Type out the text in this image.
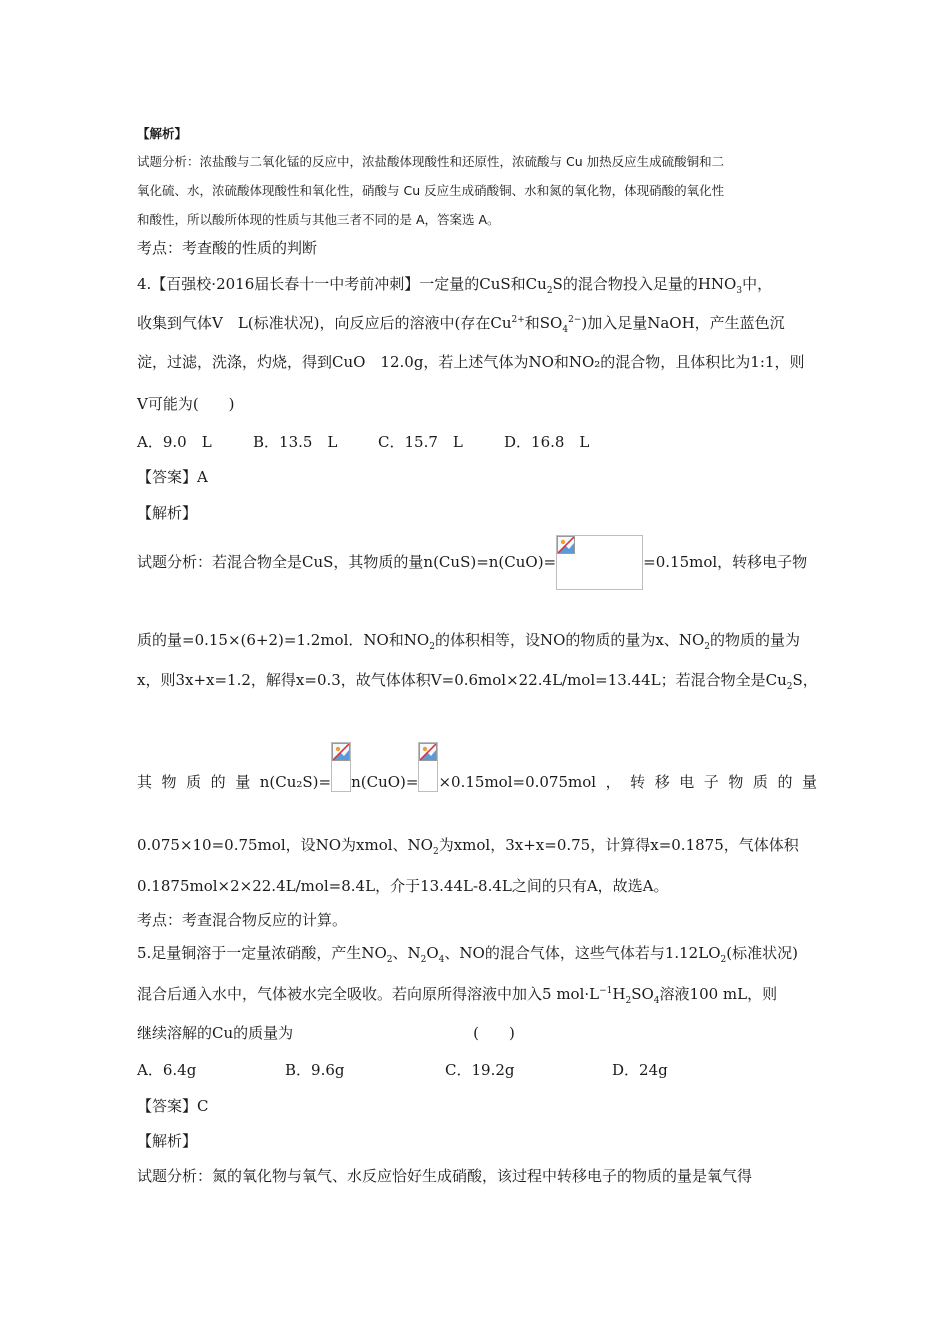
【解析】
试题分析：浓盐酸与二氧化锰的反应中，浓盐酸体现酸性和还原性，浓硫酸与 Cu 加热反应生成硫酸铜和二
氧化硫、水，浓硫酸体现酸性和氧化性，硝酸与 Cu 反应生成硝酸铜、水和氮的氧化物，体现硝酸的氧化性
和酸性，所以酸所体现的性质与其他三者不同的是 A，答案选 A。
考点：考查酸的性质的判断
4.【百强校·2016届长春十一中考前冲刺】一定量的CuS和$Cu_2S$的混合物投入足量的$HNO_3$中，
收集到气体V　L(标准状况)，向反应后的溶液中(存在$Cu^{2+}$和$SO_4^{2-}$)加入足量NaOH，产生蓝色沉
淀，过滤，洗涤，灼烧，得到CuO　12.0g，若上述气体为NO和NO₂的混合物，且体积比为1:1，则
V可能为(　　)
A．9.0　L	B．13.5　L	C．15.7　L	D．16.8　L
【答案】A
【解析】
试题分析：若混合物全是CuS，其物质的量n(CuS)=n(CuO)=	=0.15mol，转移电子物
质的量=0.15×(6+2)=1.2mol．NO和$NO_2$的体积相等，设NO的物质的量为x、$NO_2$的物质的量为
x，则3x+x=1.2，解得x=0.3，故气体体积V=0.6mol×22.4L/mol=13.44L；若混合物全是$Cu_2S$，
其 物 质 的 量 n(Cu₂S)= n(CuO)= ×0.15mol=0.075mol ， 转 移 电 子 物 质 的 量
0.075×10=0.75mol，设NO为xmol、$NO_2$为xmol，3x+x=0.75，计算得x=0.1875，气体体积
0.1875mol×2×22.4L/mol=8.4L，介于13.44L-8.4L之间的只有A，故选A。
考点：考查混合物反应的计算。
5.足量铜溶于一定量浓硝酸，产生$NO_2$、$N_2O_4$、NO的混合气体，这些气体若与$1.12LO_2$(标准状况)
混合后通入水中，气体被水完全吸收。若向原所得溶液中加入5 $mol\cdot L^{-1}H_2SO_4$溶液100 mL，则
继续溶解的Cu的质量为	(　　)
A．6.4g	B．9.6g	C．19.2g	D．24g
【答案】C
【解析】
试题分析：氮的氧化物与氧气、水反应恰好生成硝酸，该过程中转移电子的物质的量是氧气得
